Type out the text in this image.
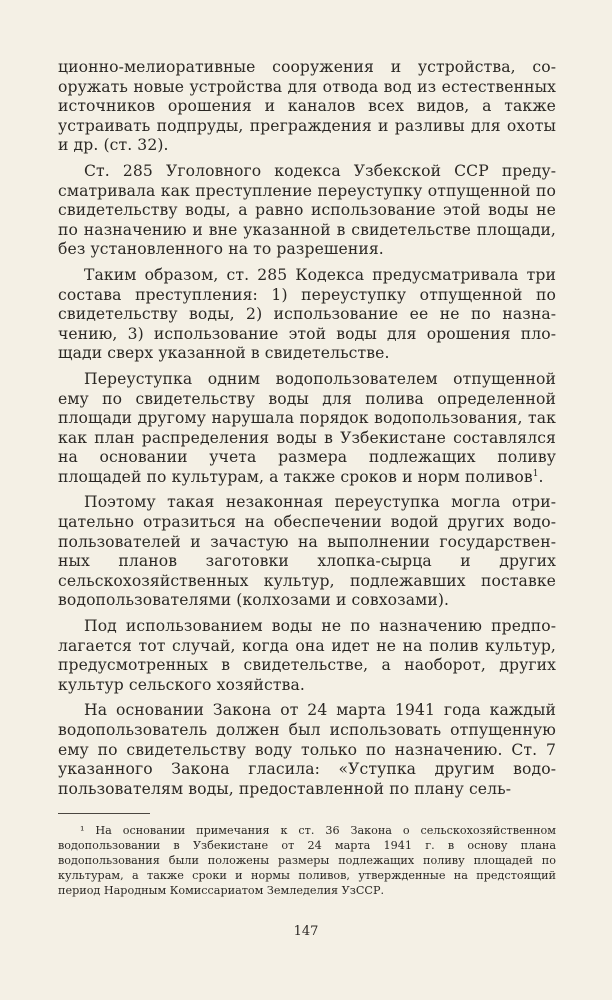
ционно-мелиоративные сооружения и устройства, сооружать новые устройства для отвода вод из естественных источников орошения и каналов всех видов, а также устраивать подпруды, преграждения и разливы для охоты и др. (ст. 32).

Ст. 285 Уголовного кодекса Узбекской ССР предусматривала как преступление переуступку отпущенной по свидетельству воды, а равно использование этой воды не по назначению и вне указанной в свидетельстве площади, без установленного на то разрешения.

Таким образом, ст. 285 Кодекса предусматривала три состава преступления: 1) переуступку отпущенной по свидетельству воды, 2) использование ее не по назначению, 3) использование этой воды для орошения площади сверх указанной в свидетельстве.

Переуступка одним водопользователем отпущенной ему по свидетельству воды для полива определенной площади другому нарушала порядок водопользования, так как план распределения воды в Узбекистане составлялся на основании учета размера подлежащих поливу площадей по культурам, а также сроков и норм поливов$^1$.

Поэтому такая незаконная переуступка могла отрицательно отразиться на обеспечении водой других водопользователей и зачастую на выполнении государственных планов заготовки хлопка-сырца и других сельскохозяйственных культур, подлежавших поставке водопользователями (колхозами и совхозами).

Под использованием воды не по назначению предполагается тот случай, когда она идет не на полив культур, предусмотренных в свидетельстве, а наоборот, других культур сельского хозяйства.

На основании Закона от 24 марта 1941 года каждый водопользователь должен был использовать отпущенную ему по свидетельству воду только по назначению. Ст. 7 указанного Закона гласила: «Уступка другим водопользователям воды, предоставленной по плану сель-

¹ На основании примечания к ст. 36 Закона о сельскохозяйственном водопользовании в Узбекистане от 24 марта 1941 г. в основу плана водопользования были положены размеры подлежащих поливу площадей по культурам, а также сроки и нормы поливов, утвержденные на предстоящий период Народным Комиссариатом Земледелия УзССР.

147
